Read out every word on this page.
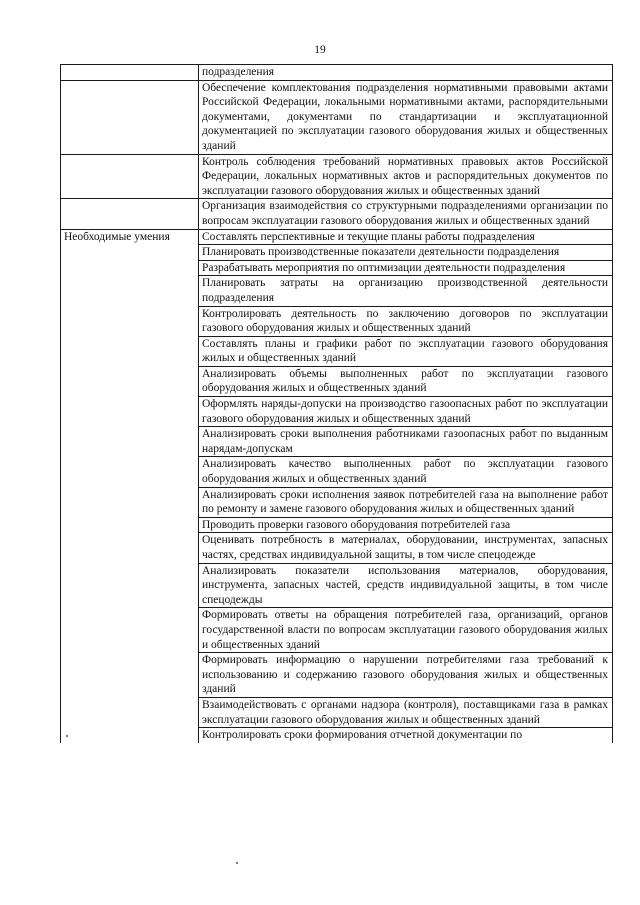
19
	подразделения
	Обеспечение комплектования подразделения нормативными правовыми актами Российской Федерации, локальными нормативными актами, распорядительными документами, документами по стандартизации и эксплуатационной документацией по эксплуатации газового оборудования жилых и общественных зданий
	Контроль соблюдения требований нормативных правовых актов Российской Федерации, локальных нормативных актов и распорядительных документов по эксплуатации газового оборудования жилых и общественных зданий
	Организация взаимодействия со структурными подразделениями организации по вопросам эксплуатации газового оборудования жилых и общественных зданий
Необходимые умения	Составлять перспективные и текущие планы работы подразделения
	Планировать производственные показатели деятельности подразделения
	Разрабатывать мероприятия по оптимизации деятельности подразделения
	Планировать затраты на организацию производственной деятельности подразделения
	Контролировать деятельность по заключению договоров по эксплуатации газового оборудования жилых и общественных зданий
	Составлять планы и графики работ по эксплуатации газового оборудования жилых и общественных зданий
	Анализировать объемы выполненных работ по эксплуатации газового оборудования жилых и общественных зданий
	Оформлять наряды-допуски на производство газоопасных работ по эксплуатации газового оборудования жилых и общественных зданий
	Анализировать сроки выполнения работниками газоопасных работ по выданным нарядам-допускам
	Анализировать качество выполненных работ по эксплуатации газового оборудования жилых и общественных зданий
	Анализировать сроки исполнения заявок потребителей газа на выполнение работ по ремонту и замене газового оборудования жилых и общественных зданий
	Проводить проверки газового оборудования потребителей газа
	Оценивать потребность в материалах, оборудовании, инструментах, запасных частях, средствах индивидуальной защиты, в том числе спецодежде
	Анализировать показатели использования материалов, оборудования, инструмента, запасных частей, средств индивидуальной защиты, в том числе спецодежды
	Формировать ответы на обращения потребителей газа, организаций, органов государственной власти по вопросам эксплуатации газового оборудования жилых и общественных зданий
	Формировать информацию о нарушении потребителями газа требований к использованию и содержанию газового оборудования жилых и общественных зданий
	Взаимодействовать с органами надзора (контроля), поставщиками газа в рамках эксплуатации газового оборудования жилых и общественных зданий
	Контролировать сроки формирования отчетной документации по
